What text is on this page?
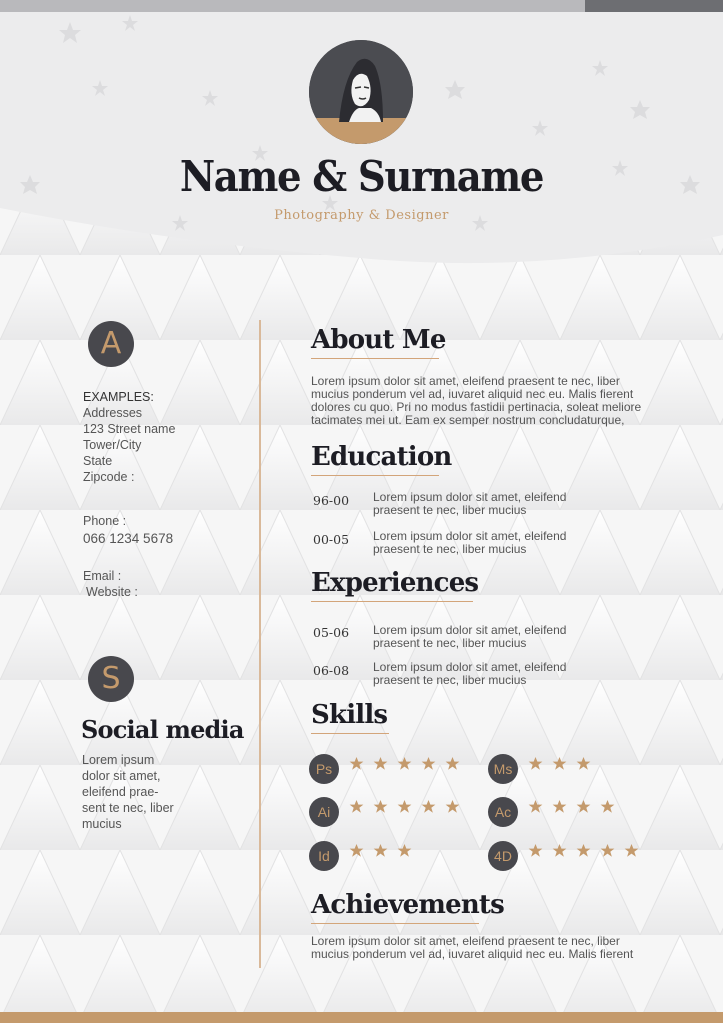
Name & Surname
Photography & Designer
A
EXAMPLES:
Addresses
123 Street name
Tower/City
State
Zipcode :
Phone :
066 1234 5678
Email :
Website :
S
Social media
Lorem ipsum
dolor sit amet,
eleifend prae-
sent te nec, liber
mucius
About Me
Lorem ipsum dolor sit amet, eleifend praesent te nec, liber
mucius ponderum vel ad, iuvaret aliquid nec eu. Malis fierent
dolores cu quo. Pri no modus fastidii pertinacia, soleat meliore
tacimates mei ut. Eam ex semper nostrum concludaturque,
Education
96-00 Lorem ipsum dolor sit amet, eleifend
praesent te nec, liber mucius
00-05 Lorem ipsum dolor sit amet, eleifend
praesent te nec, liber mucius
Experiences
05-06 Lorem ipsum dolor sit amet, eleifend
praesent te nec, liber mucius
06-08 Lorem ipsum dolor sit amet, eleifend
praesent te nec, liber mucius
Skills
Ps	Ms
Ai	Ac
Id	4D
Achievements
Lorem ipsum dolor sit amet, eleifend praesent te nec, liber
mucius ponderum vel ad, iuvaret aliquid nec eu. Malis fierent
